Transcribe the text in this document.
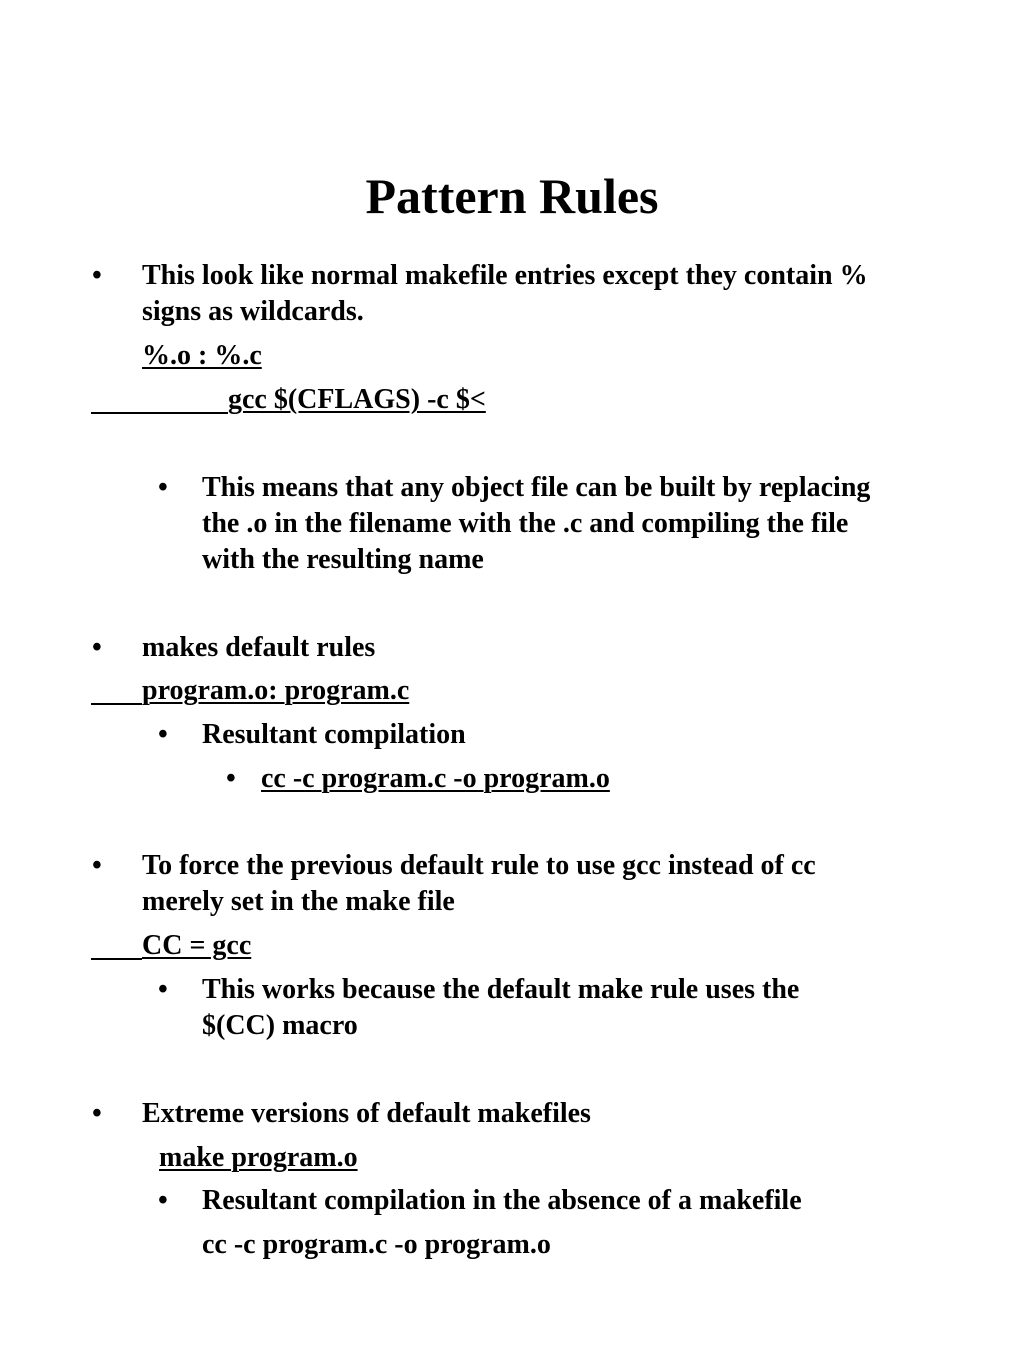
Pattern Rules
• This look like normal makefile entries except they contain %
signs as wildcards.
%.o : %.c
gcc $(CFLAGS) -c $<
• This means that any object file can be built by replacing
the .o in the filename with the .c and compiling the file
with the resulting name
• makes default rules
program.o: program.c
• Resultant compilation
• cc -c program.c -o program.o
• To force the previous default rule to use gcc instead of cc
merely set in the make file
CC = gcc
• This works because the default make rule uses the
$(CC) macro
• Extreme versions of default makefiles
make program.o
• Resultant compilation in the absence of a makefile
cc -c program.c -o program.o
